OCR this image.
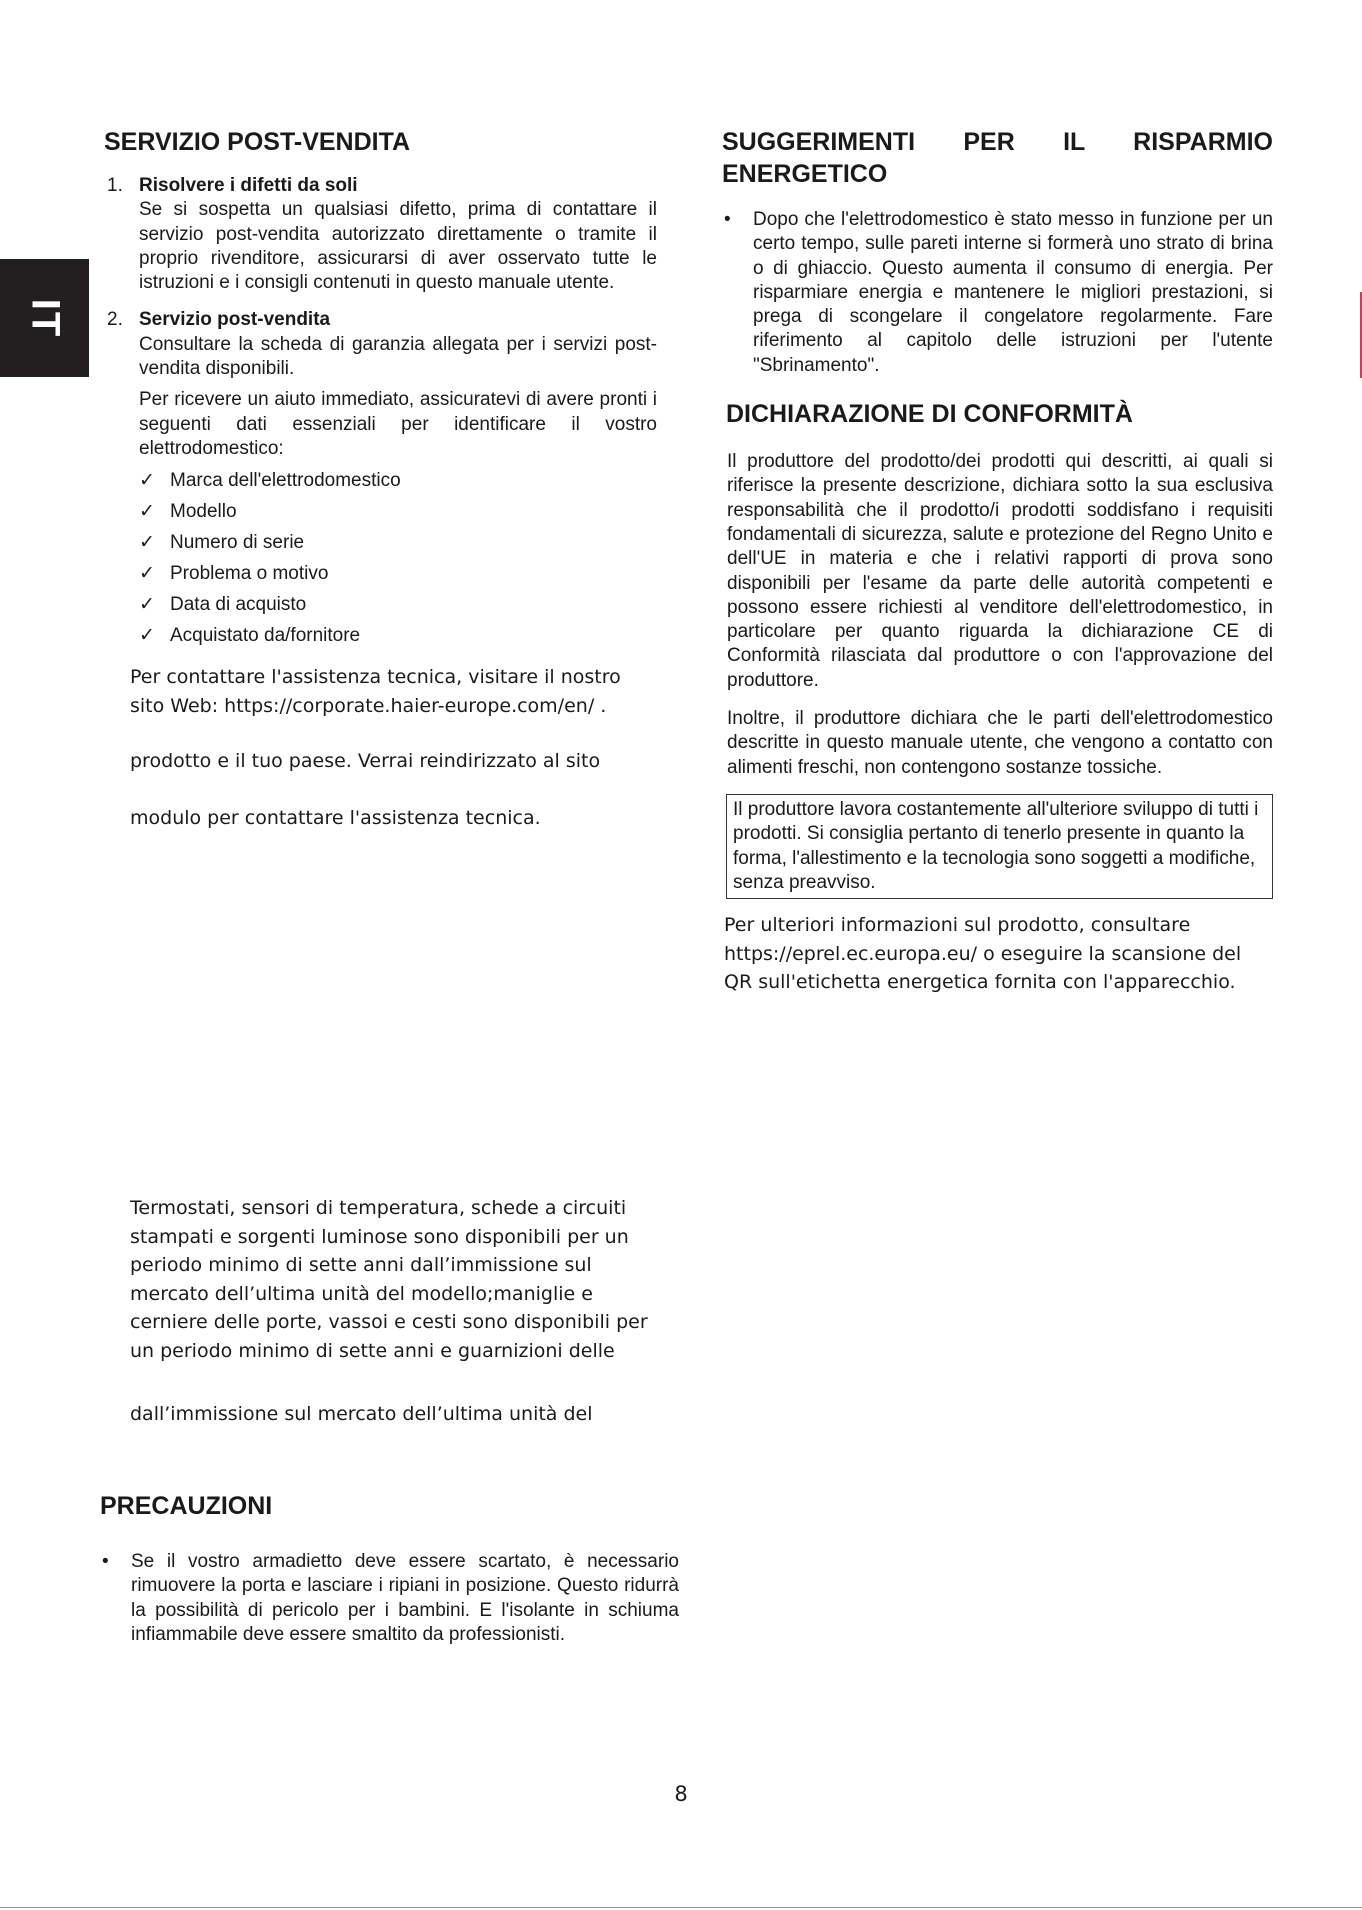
IT
SERVIZIO POST-VENDITA
1. Risolvere i difetti da soli
Se si sospetta un qualsiasi difetto, prima di contattare il servizio post-vendita autorizzato direttamente o tramite il proprio rivenditore, assicurarsi di aver osservato tutte le istruzioni e i consigli contenuti in questo manuale utente.
2. Servizio post-vendita
Consultare la scheda di garanzia allegata per i servizi post-vendita disponibili.
Per ricevere un aiuto immediato, assicuratevi di avere pronti i seguenti dati essenziali per identificare il vostro elettrodomestico:
✓ Marca dell'elettrodomestico
✓ Modello
✓ Numero di serie
✓ Problema o motivo
✓ Data di acquisto
✓ Acquistato da/fornitore
Per contattare l'assistenza tecnica, visitare il nostro sito Web: https://corporate.haier-europe.com/en/ .
prodotto e il tuo paese. Verrai reindirizzato al sito
modulo per contattare l'assistenza tecnica.
Termostati, sensori di temperatura, schede a circuiti stampati e sorgenti luminose sono disponibili per un periodo minimo di sette anni dall’immissione sul mercato dell’ultima unità del modello;maniglie e cerniere delle porte, vassoi e cesti sono disponibili per un periodo minimo di sette anni e guarnizioni delle
dall’immissione sul mercato dell’ultima unità del
PRECAUZIONI
• Se il vostro armadietto deve essere scartato, è necessario rimuovere la porta e lasciare i ripiani in posizione. Questo ridurrà la possibilità di pericolo per i bambini. E l'isolante in schiuma infiammabile deve essere smaltito da professionisti.
SUGGERIMENTI PER IL RISPARMIO
ENERGETICO
• Dopo che l'elettrodomestico è stato messo in funzione per un certo tempo, sulle pareti interne si formerà uno strato di brina o di ghiaccio. Questo aumenta il consumo di energia. Per risparmiare energia e mantenere le migliori prestazioni, si prega di scongelare il congelatore regolarmente. Fare riferimento al capitolo delle istruzioni per l'utente "Sbrinamento".
DICHIARAZIONE DI CONFORMITÀ
Il produttore del prodotto/dei prodotti qui descritti, ai quali si riferisce la presente descrizione, dichiara sotto la sua esclusiva responsabilità che il prodotto/i prodotti soddisfano i requisiti fondamentali di sicurezza, salute e protezione del Regno Unito e dell'UE in materia e che i relativi rapporti di prova sono disponibili per l'esame da parte delle autorità competenti e possono essere richiesti al venditore dell'elettrodomestico, in particolare per quanto riguarda la dichiarazione CE di Conformità rilasciata dal produttore o con l'approvazione del produttore.
Inoltre, il produttore dichiara che le parti dell'elettrodomestico descritte in questo manuale utente, che vengono a contatto con alimenti freschi, non contengono sostanze tossiche.
Il produttore lavora costantemente all'ulteriore sviluppo di tutti i prodotti. Si consiglia pertanto di tenerlo presente in quanto la forma, l'allestimento e la tecnologia sono soggetti a modifiche, senza preavviso.
Per ulteriori informazioni sul prodotto, consultare https://eprel.ec.europa.eu/ o eseguire la scansione del QR sull'etichetta energetica fornita con l'apparecchio.
8
